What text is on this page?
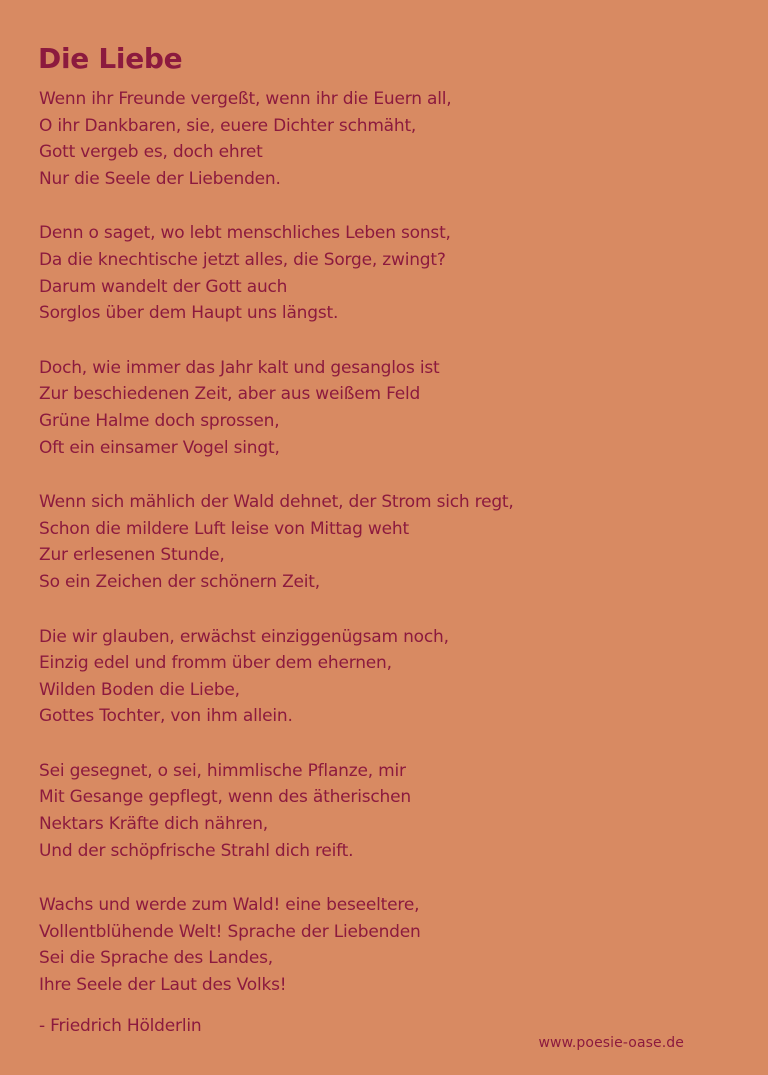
Die Liebe
Wenn ihr Freunde vergeßt, wenn ihr die Euern all,
O ihr Dankbaren, sie, euere Dichter schmäht,
Gott vergeb es, doch ehret
Nur die Seele der Liebenden.
Denn o saget, wo lebt menschliches Leben sonst,
Da die knechtische jetzt alles, die Sorge, zwingt?
Darum wandelt der Gott auch
Sorglos über dem Haupt uns längst.
Doch, wie immer das Jahr kalt und gesanglos ist
Zur beschiedenen Zeit, aber aus weißem Feld
Grüne Halme doch sprossen,
Oft ein einsamer Vogel singt,
Wenn sich mählich der Wald dehnet, der Strom sich regt,
Schon die mildere Luft leise von Mittag weht
Zur erlesenen Stunde,
So ein Zeichen der schönern Zeit,
Die wir glauben, erwächst einziggenügsam noch,
Einzig edel und fromm über dem ehernen,
Wilden Boden die Liebe,
Gottes Tochter, von ihm allein.
Sei gesegnet, o sei, himmlische Pflanze, mir
Mit Gesange gepflegt, wenn des ätherischen
Nektars Kräfte dich nähren,
Und der schöpfrische Strahl dich reift.
Wachs und werde zum Wald! eine beseeltere,
Vollentblühende Welt! Sprache der Liebenden
Sei die Sprache des Landes,
Ihre Seele der Laut des Volks!
- Friedrich Hölderlin
www.poesie-oase.de
